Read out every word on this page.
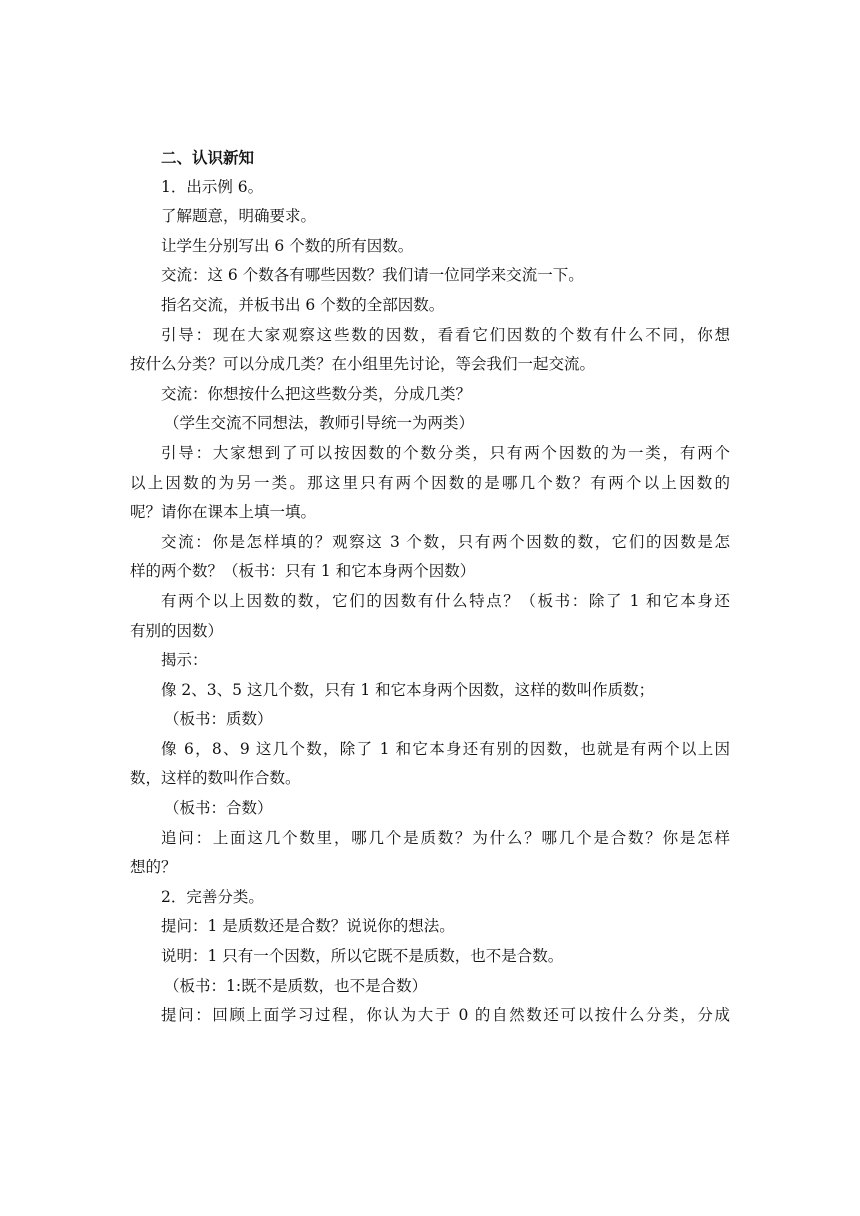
二、认识新知

1．出示例 6。

了解题意，明确要求。

让学生分别写出 6 个数的所有因数。

交流：这 6 个数各有哪些因数？我们请一位同学来交流一下。

指名交流，并板书出 6 个数的全部因数。

引导：现在大家观察这些数的因数，看看它们因数的个数有什么不同，你想

按什么分类？可以分成几类？在小组里先讨论，等会我们一起交流。

交流：你想按什么把这些数分类，分成几类？

（学生交流不同想法，教师引导统一为两类）

引导：大家想到了可以按因数的个数分类，只有两个因数的为一类，有两个

以上因数的为另一类。那这里只有两个因数的是哪几个数？有两个以上因数的

呢？请你在课本上填一填。

交流：你是怎样填的？观察这 3 个数，只有两个因数的数，它们的因数是怎

样的两个数？（板书：只有 1 和它本身两个因数）

有两个以上因数的数，它们的因数有什么特点？（板书：除了 1 和它本身还

有别的因数）

揭示：

像 2、3、5 这几个数，只有 1 和它本身两个因数，这样的数叫作质数；

（板书：质数）

像 6，8、9 这几个数，除了 1 和它本身还有别的因数，也就是有两个以上因

数，这样的数叫作合数。

（板书：合数）

追问：上面这几个数里，哪几个是质数？为什么？哪几个是合数？你是怎样

想的？

2．完善分类。

提问：1 是质数还是合数？说说你的想法。

说明：1 只有一个因数，所以它既不是质数，也不是合数。

（板书：1:既不是质数，也不是合数）

提问：回顾上面学习过程，你认为大于 0 的自然数还可以按什么分类，分成
